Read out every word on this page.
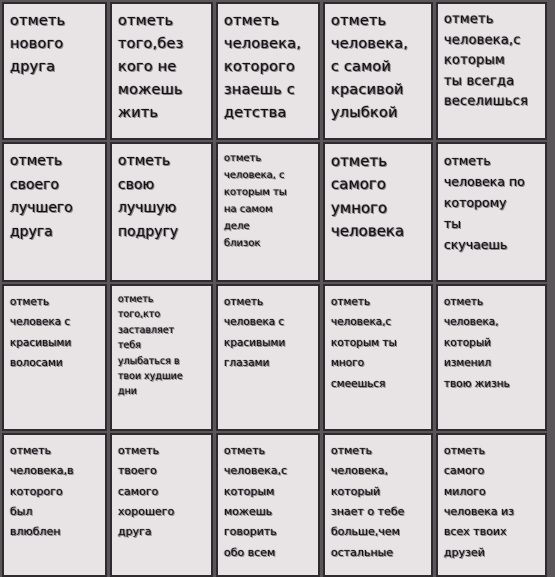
отметь
нового
друга
отметь
того,без
кого не
можешь
жить
отметь
человека,
которого
знаешь с
детства
отметь
человека,
с самой
красивой
улыбкой
отметь
человека,с
которым
ты всегда
веселишься
отметь
своего
лучшего
друга
отметь
свою
лучшую
подругу
отметь
человека, с
которым ты
на самом
деле
близок
отметь
самого
умного
человека
отметь
человека по
которому
ты
скучаешь
отметь
человека с
красивыми
волосами
отметь
того,кто
заставляет
тебя
улыбаться в
твои худшие
дни
отметь
человека с
красивыми
глазами
отметь
человека,с
которым ты
много
смеешься
отметь
человека,
который
изменил
твою жизнь
отметь
человека,в
которого
был
влюблен
отметь
твоего
самого
хорошего
друга
отметь
человека,с
которым
можешь
говорить
обо всем
отметь
человека,
который
знает о тебе
больше,чем
остальные
отметь
самого
милого
человека из
всех твоих
друзей
